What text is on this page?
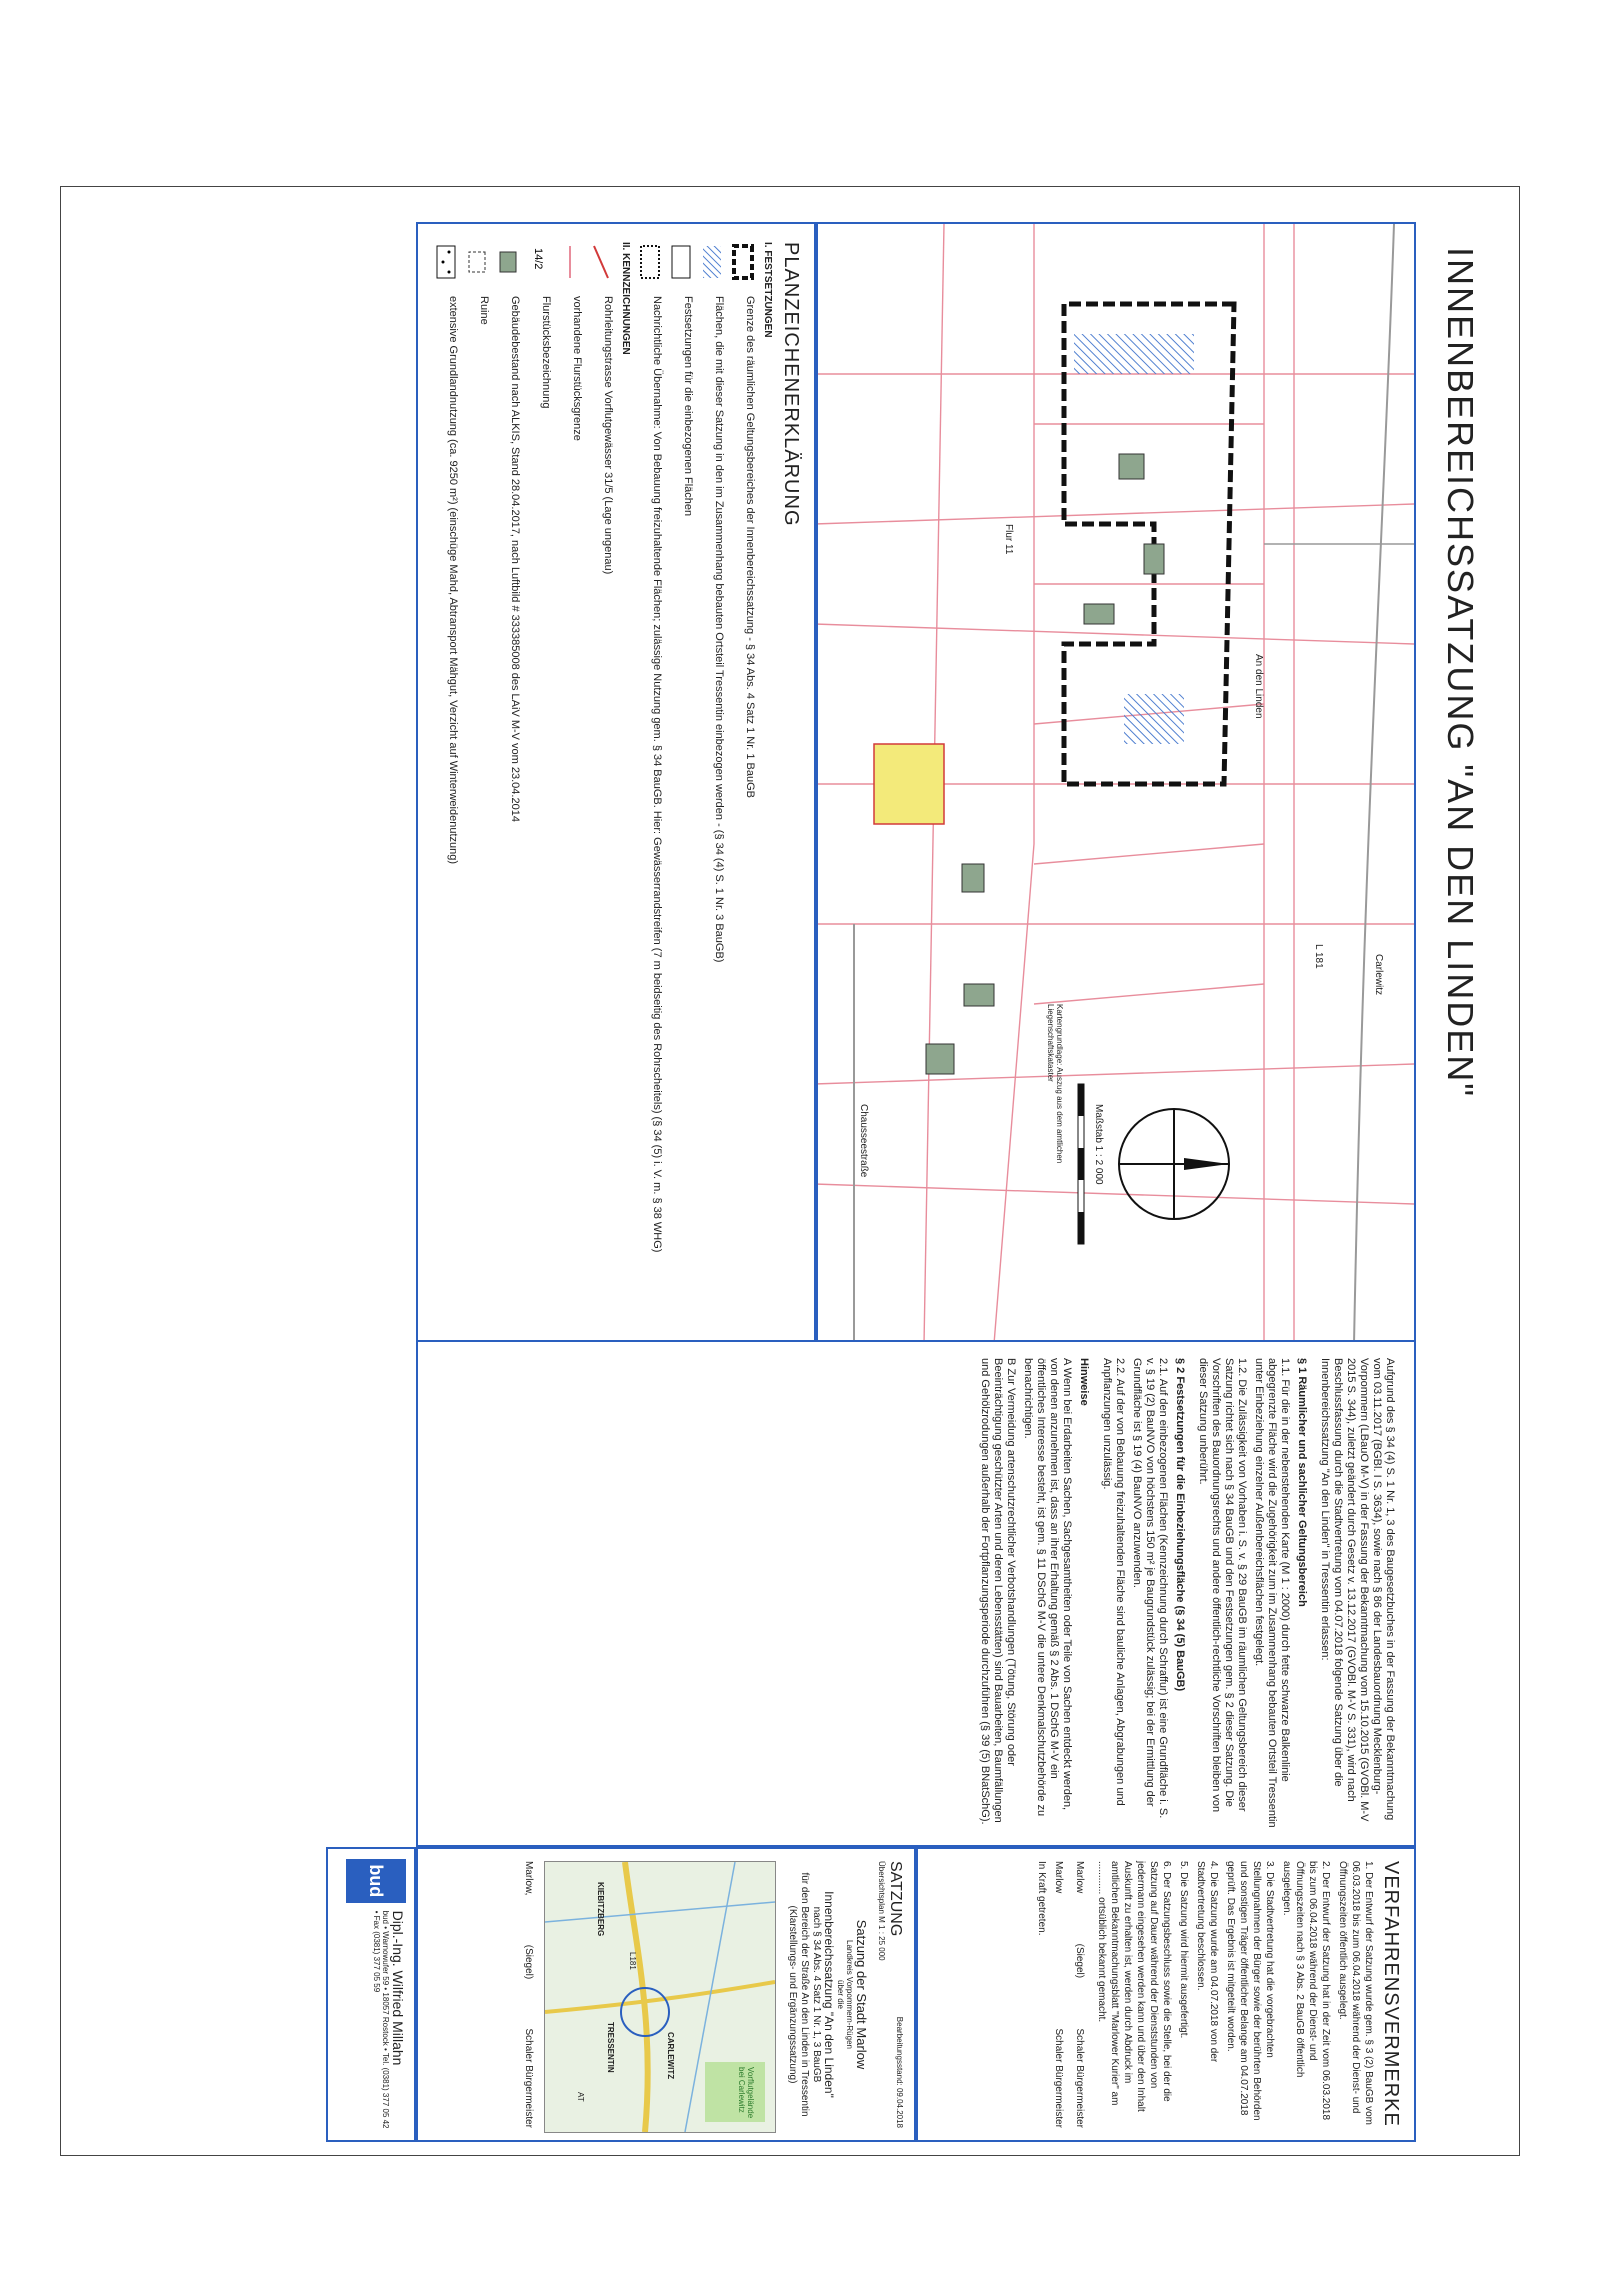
INNENBEREICHSSATZUNG "AN DEN LINDEN"
Carlewitz
L 181
An den Linden
Chausseestraße
Flur 11
Maßstab 1 : 2 000
Kartengrundlage: Auszug aus dem amtlichen Liegenschaftskataster
PLANZEICHENERKLÄRUNG
I. FESTSETZUNGEN
Grenze des räumlichen Geltungsbereiches der Innenbereichssatzung - § 34 Abs. 4 Satz 1 Nr. 1 BauGB
Flächen, die mit dieser Satzung in den im Zusammenhang bebauten Ortsteil Tressentin einbezogen werden - (§ 34 (4) S. 1 Nr. 3 BauGB)
Festsetzungen für die einbezogenen Flächen
Nachrichtliche Übernahme: Von Bebauung freizuhaltende Flächen; zulässige Nutzung gem. § 34 BauGB. Hier: Gewässerrandstreifen (7 m beidseitig des Rohrscheitels) (§ 34 (5) i. V. m. § 38 WHG)
II. KENNZEICHNUNGEN
Rohrleitungstrasse Vorflutgewässer 31/5 (Lage ungenau)
vorhandene Flurstücksgrenze
14/2
Flurstücksbezeichnung
Gebäudebestand nach ALKIS, Stand 28.04.2017, nach Luftbild # 333385008 des LAiV M-V vom 23.04.2014
Ruine
extensive Grundlandnutzung (ca. 9250 m²) (einschüge Mahd, Abtransport Mähgut, Verzicht auf Winterweidenutzung)
Aufgrund des § 34 (4) S. 1 Nr. 1, 3 des Baugesetzbuches in der Fassung der Bekanntmachung vom 03.11.2017 (BGBl. I S. 3634), sowie nach § 86 der Landesbauordnung Mecklenburg-Vorpommern (LBauO M-V) in der Fassung der Bekanntmachung vom 15.10.2015 (GVOBl. M-V 2015 S. 344), zuletzt geändert durch Gesetz v. 13.12.2017 (GVOBl. M-V S. 331), wird nach Beschlussfassung durch die Stadtvertretung vom 04.07.2018 folgende Satzung über die Innenbereichssatzung "An den Linden" in Tressentin erlassen:
§ 1 Räumlicher und sachlicher Geltungsbereich
1.1. Für die in der nebenstehenden Karte (M 1 : 2000) durch fette schwarze Balkenlinie abgegrenzte Fläche wird die Zugehörigkeit zum im Zusammenhang bebauten Ortsteil Tressentin unter Einbeziehung einzelner Außenbereichsflächen festgelegt.
1.2. Die Zulässigkeit von Vorhaben i. S. v. § 29 BauGB im räumlichen Geltungsbereich dieser Satzung richtet sich nach § 34 BauGB und den Festsetzungen gem. § 2 dieser Satzung. Die Vorschriften des Bauordnungsrechts und andere öffentlich-rechtliche Vorschriften bleiben von dieser Satzung unberührt.
§ 2 Festsetzungen für die Einbeziehungsfläche (§ 34 (5) BauGB)
2.1. Auf den einbezogenen Flächen (Kennzeichnung durch Schraffur) ist eine Grundfläche i. S. v. § 19 (2) BauNVO von höchstens 150 m² je Baugrundstück zulässig; bei der Ermittlung der Grundfläche ist § 19 (4) BauNVO anzuwenden.
2.2. Auf der von Bebauung freizuhaltenden Fläche sind bauliche Anlagen, Abgrabungen und Anpflanzungen unzulässig.
Hinweise
A Wenn bei Erdarbeiten Sachen, Sachgesamtheiten oder Teile von Sachen entdeckt werden, von denen anzunehmen ist, dass an ihrer Erhaltung gemäß § 2 Abs. 1 DSchG M-V ein öffentliches Interesse besteht, ist gem. § 11 DSchG M-V die untere Denkmalschutzbehörde zu benachrichtigen.
B Zur Vermeidung artenschutzrechtlicher Verbotshandlungen (Tötung, Störung oder Beeinträchtigung geschützter Arten und deren Lebensstätten) sind Bauarbeiten, Baumfällungen und Gehölzrodungen außerhalb der Fortpflanzungsperiode durchzuführen (§ 39 (5) BNatSchG).
VERFAHRENSVERMERKE
1. Der Entwurf der Satzung wurde gem. § 3 (2) BauGB vom 06.03.2018 bis zum 06.04.2018 während der Dienst- und Öffnungszeiten öffentlich ausgelegt.
2. Der Entwurf der Satzung hat in der Zeit vom 06.03.2018 bis zum 06.04.2018 während der Dienst- und Öffnungszeiten nach § 3 Abs. 2 BauGB öffentlich ausgelegen.
3. Die Stadtvertretung hat die vorgebrachten Stellungnahmen der Bürger sowie der berührten Behörden und sonstigen Träger öffentlicher Belange am 04.07.2018 geprüft. Das Ergebnis ist mitgeteilt worden.
4. Die Satzung wurde am 04.07.2018 von der Stadtvertretung beschlossen.
5. Die Satzung wird hiermit ausgefertigt.
6. Der Satzungsbeschluss sowie die Stelle, bei der die Satzung auf Dauer während der Dienststunden von jedermann eingesehen werden kann und über den Inhalt Auskunft zu erhalten ist, werden durch Abdruck im amtlichen Bekanntmachungsblatt "Marlower Kurier" am ............ ortsüblich bekannt gemacht.
Marlow
(Siegel)
Schaler Bürgermeister
Marlow
Schaler Bürgermeister
In Kraft getreten.
SATZUNG
Bearbeitungsstand: 09.04.2018
Übersichtsplan M 1 : 25 000
Satzung der Stadt Marlow
Landkreis Vorpommern-Rügen
über die
Innenbereichssatzung "An den Linden"
nach § 34 Abs. 4 Satz 1 Nr. 1, 3 BauGB
für den Bereich der Straße An den Linden in Tressentin
(Klarstellungs- und Ergänzungssatzung)
CARLEWITZ
TRESSENTIN
KIEBITZBERG
L181
Vorflutgelände bei Carlewitz
AT
Marlow,
(Siegel)
Schaler Bürgermeister
bud
Dipl.-Ing. Wilfried Millahn
bud • Warnowufer 59 • 18057 Rostock • Tel. (0381) 377 05 42 • Fax (0381) 377 05 59
